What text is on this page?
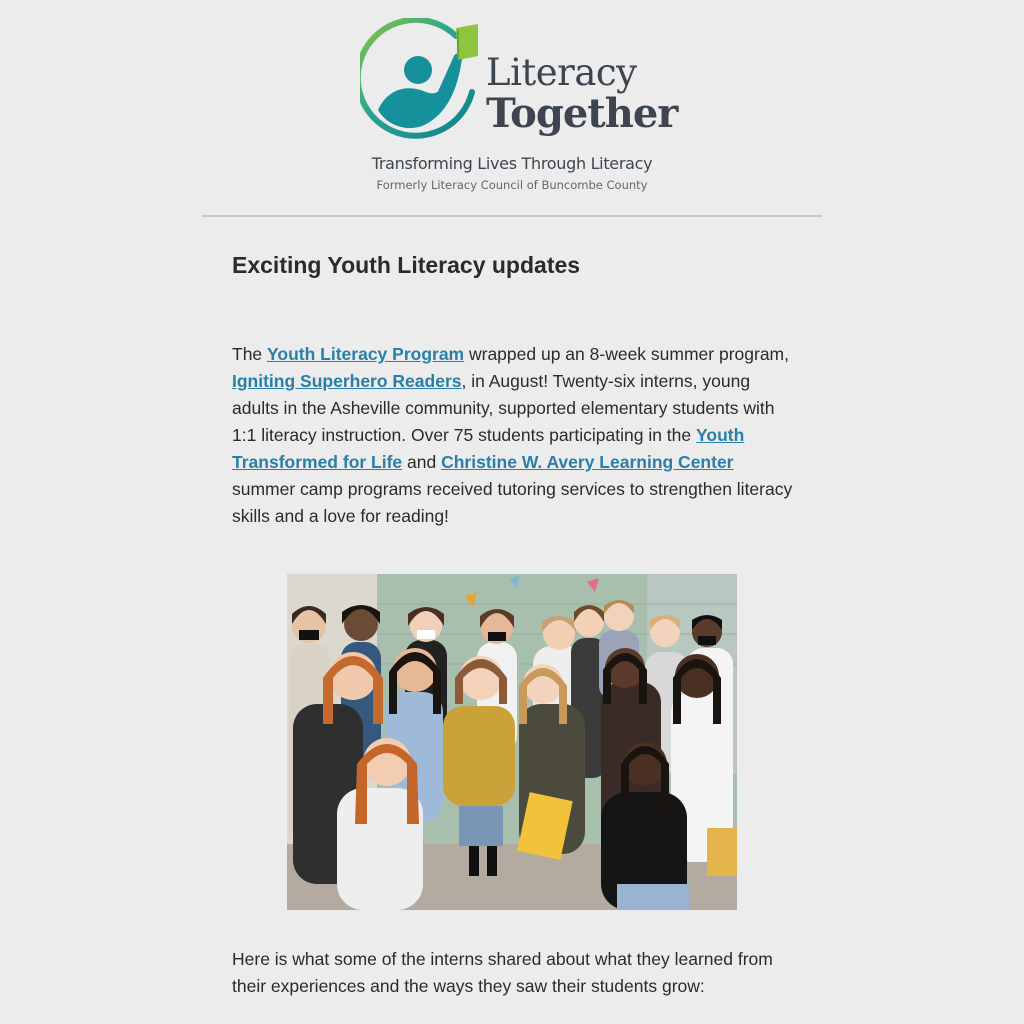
Literacy
Together
Transforming Lives Through Literacy
Formerly Literacy Council of Buncombe County
Exciting Youth Literacy updates

The Youth Literacy Program wrapped up an 8-week summer program, Igniting Superhero Readers, in August! Twenty-six interns, young adults in the Asheville community, supported elementary students with 1:1 literacy instruction. Over 75 students participating in the Youth Transformed for Life and Christine W. Avery Learning Center summer camp programs received tutoring services to strengthen literacy skills and a love for reading!

Here is what some of the interns shared about what they learned from their experiences and the ways they saw their students grow:
